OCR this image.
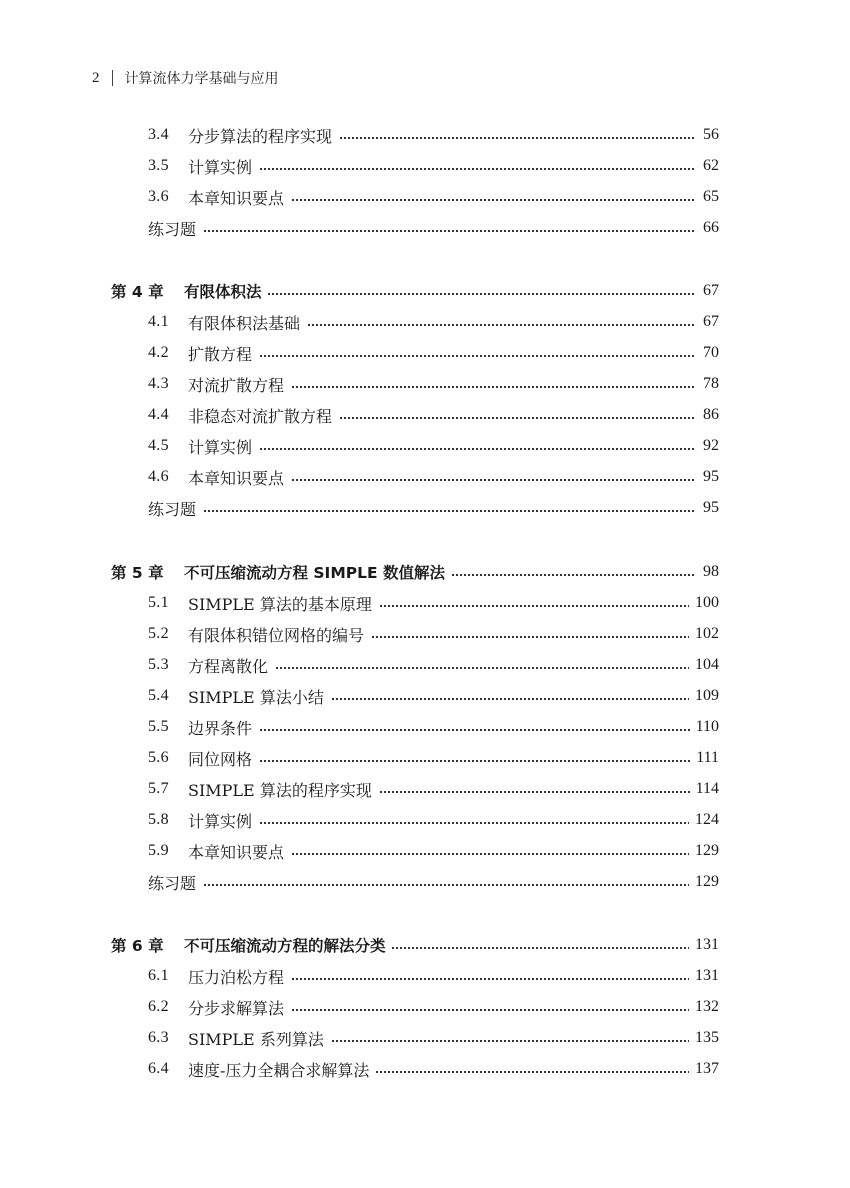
2 计算流体力学基础与应用
3.4	分步算法的程序实现	56
3.5	计算实例	62
3.6	本章知识要点	65
练习题	66
第 4 章 有限体积法	67
4.1	有限体积法基础	67
4.2	扩散方程	70
4.3	对流扩散方程	78
4.4	非稳态对流扩散方程	86
4.5	计算实例	92
4.6	本章知识要点	95
练习题	95
第 5 章 不可压缩流动方程 SIMPLE 数值解法	98
5.1	SIMPLE 算法的基本原理	100
5.2	有限体积错位网格的编号	102
5.3	方程离散化	104
5.4	SIMPLE 算法小结	109
5.5	边界条件	110
5.6	同位网格	111
5.7	SIMPLE 算法的程序实现	114
5.8	计算实例	124
5.9	本章知识要点	129
练习题	129
第 6 章 不可压缩流动方程的解法分类	131
6.1	压力泊松方程	131
6.2	分步求解算法	132
6.3	SIMPLE 系列算法	135
6.4	速度-压力全耦合求解算法	137
